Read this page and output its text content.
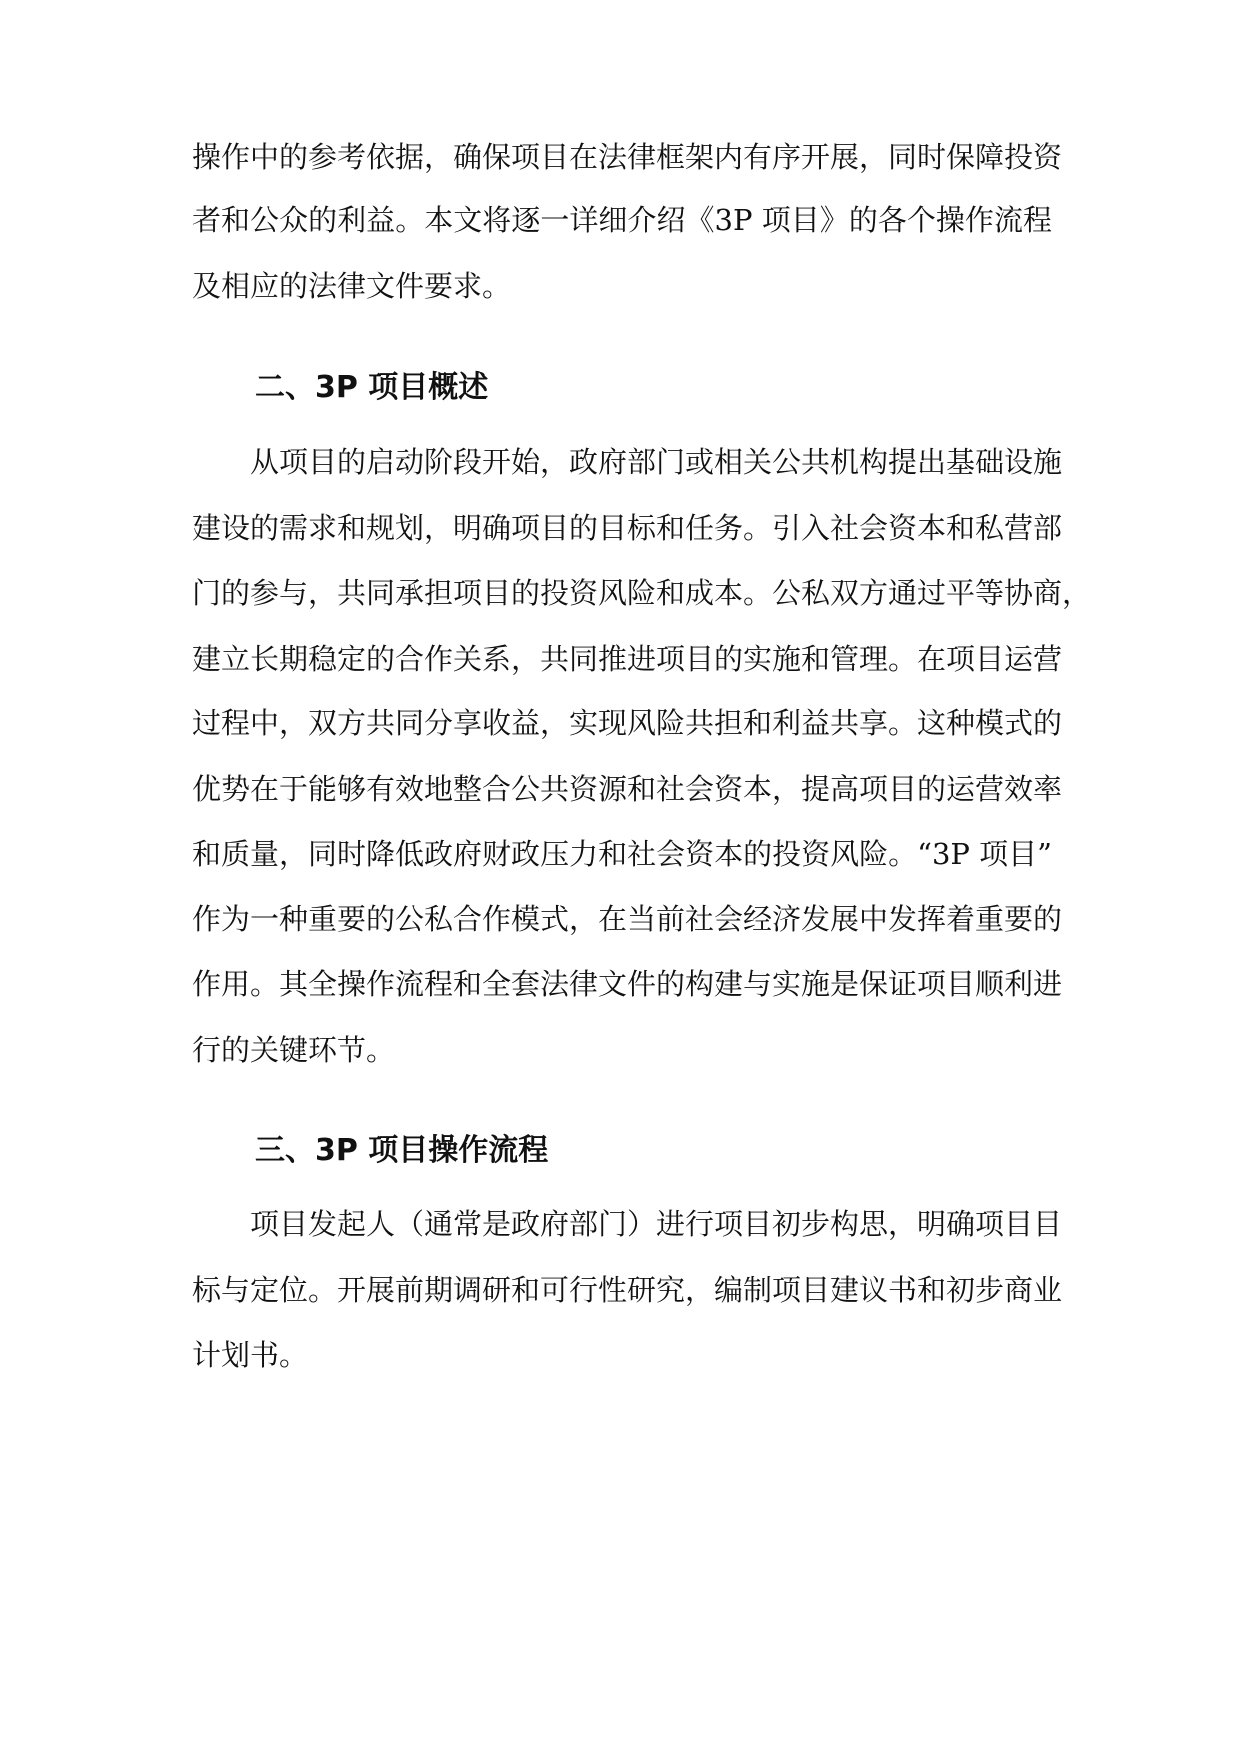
操作中的参考依据，确保项目在法律框架内有序开展，同时保障投资
者和公众的利益。本文将逐一详细介绍《3P 项目》的各个操作流程
及相应的法律文件要求。
二、3P 项目概述
从项目的启动阶段开始，政府部门或相关公共机构提出基础设施
建设的需求和规划，明确项目的目标和任务。引入社会资本和私营部
门的参与，共同承担项目的投资风险和成本。公私双方通过平等协商，
建立长期稳定的合作关系，共同推进项目的实施和管理。在项目运营
过程中，双方共同分享收益，实现风险共担和利益共享。这种模式的
优势在于能够有效地整合公共资源和社会资本，提高项目的运营效率
和质量，同时降低政府财政压力和社会资本的投资风险。“3P 项目”
作为一种重要的公私合作模式，在当前社会经济发展中发挥着重要的
作用。其全操作流程和全套法律文件的构建与实施是保证项目顺利进
行的关键环节。
三、3P 项目操作流程
项目发起人（通常是政府部门）进行项目初步构思，明确项目目
标与定位。开展前期调研和可行性研究，编制项目建议书和初步商业
计划书。
